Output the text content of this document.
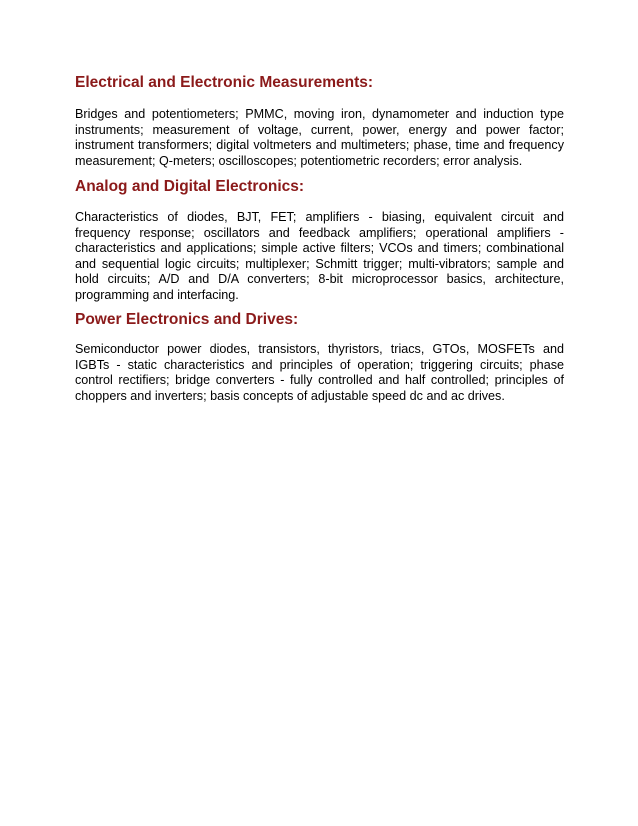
Electrical and Electronic Measurements:

Bridges and potentiometers; PMMC, moving iron, dynamometer and induction type instruments; measurement of voltage, current, power, energy and power factor; instrument transformers; digital voltmeters and multimeters; phase, time and frequency measurement; Q-meters; oscilloscopes; potentiometric recorders; error analysis.

Analog and Digital Electronics:

Characteristics of diodes, BJT, FET; amplifiers - biasing, equivalent circuit and frequency response; oscillators and feedback amplifiers; operational amplifiers - characteristics and applications; simple active filters; VCOs and timers; combinational and sequential logic circuits; multiplexer; Schmitt trigger; multi-vibrators; sample and hold circuits; A/D and D/A converters; 8-bit microprocessor basics, architecture, programming and interfacing.

Power Electronics and Drives:

Semiconductor power diodes, transistors, thyristors, triacs, GTOs, MOSFETs and IGBTs - static characteristics and principles of operation; triggering circuits; phase control rectifiers; bridge converters - fully controlled and half controlled; principles of choppers and inverters; basis concepts of adjustable speed dc and ac drives.
